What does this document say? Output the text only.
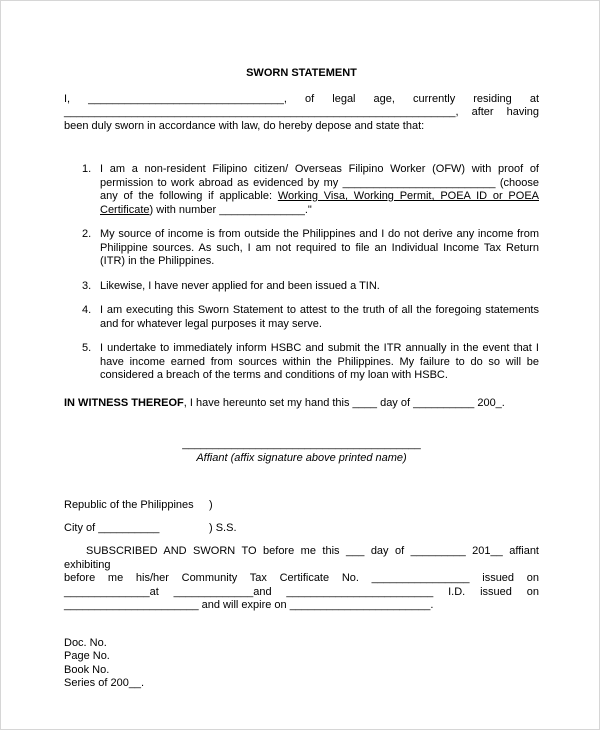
SWORN STATEMENT
I, ________________________________, of legal age, currently residing at
________________________________________________________________, after having
been duly sworn in accordance with law, do hereby depose and state that:
1. I am a non-resident Filipino citizen/ Overseas Filipino Worker (OFW) with proof of permission to work abroad as evidenced by my _________________________ (choose any of the following if applicable: Working Visa, Working Permit, POEA ID or POEA Certificate) with number ______________."
2. My source of income is from outside the Philippines and I do not derive any income from Philippine sources. As such, I am not required to file an Individual Income Tax Return (ITR) in the Philippines.
3. Likewise, I have never applied for and been issued a TIN.
4. I am executing this Sworn Statement to attest to the truth of all the foregoing statements and for whatever legal purposes it may serve.
5. I undertake to immediately inform HSBC and submit the ITR annually in the event that I have income earned from sources within the Philippines. My failure to do so will be considered a breach of the terms and conditions of my loan with HSBC.
IN WITNESS THEREOF, I have hereunto set my hand this ____ day of __________ 200_.
_______________________________________
Affiant (affix signature above printed name)
Republic of the Philippines )
City of __________	) S.S.
SUBSCRIBED AND SWORN TO before me this ___ day of _________ 201__ affiant exhibiting
before me his/her Community Tax Certificate No. ________________ issued on
______________at _____________and ________________________ I.D. issued on
______________________ and will expire on _______________________.
Doc. No.
Page No.
Book No.
Series of 200__.
